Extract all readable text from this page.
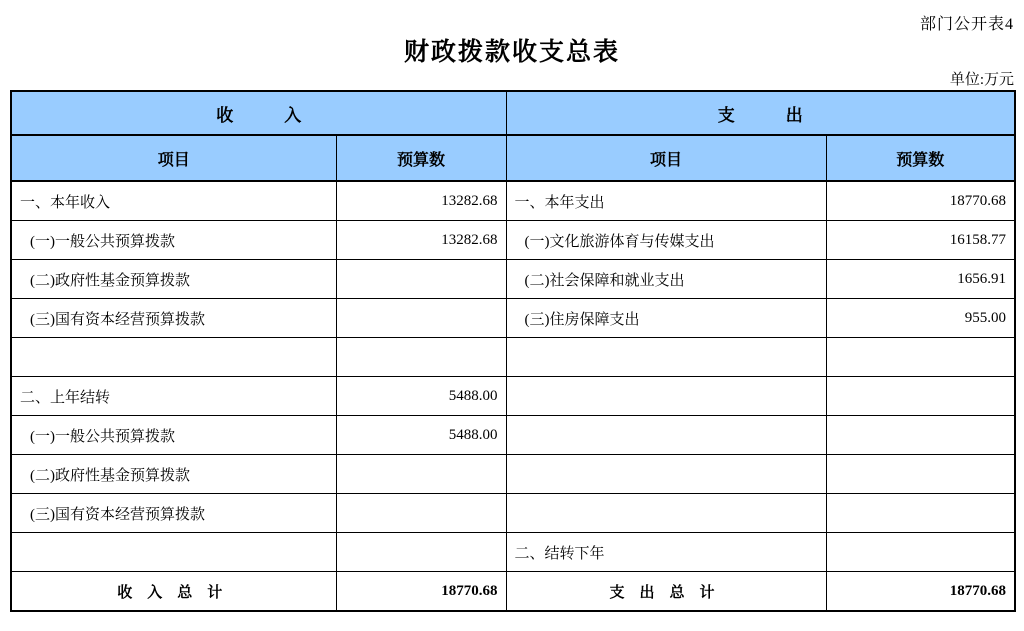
部门公开表4
财政拨款收支总表
单位:万元
收　　　入		支　　　出	
项目	预算数	项目	预算数
一、本年收入	13282.68	一、本年支出	18770.68
(一)一般公共预算拨款	13282.68	(一)文化旅游体育与传媒支出	16158.77
(二)政府性基金预算拨款		(二)社会保障和就业支出	1656.91
(三)国有资本经营预算拨款		(三)住房保障支出	955.00

二、上年结转	5488.00		
(一)一般公共预算拨款	5488.00		
(二)政府性基金预算拨款			
(三)国有资本经营预算拨款			
		二、结转下年	
收　入　总　计	18770.68	支　出　总　计	18770.68
